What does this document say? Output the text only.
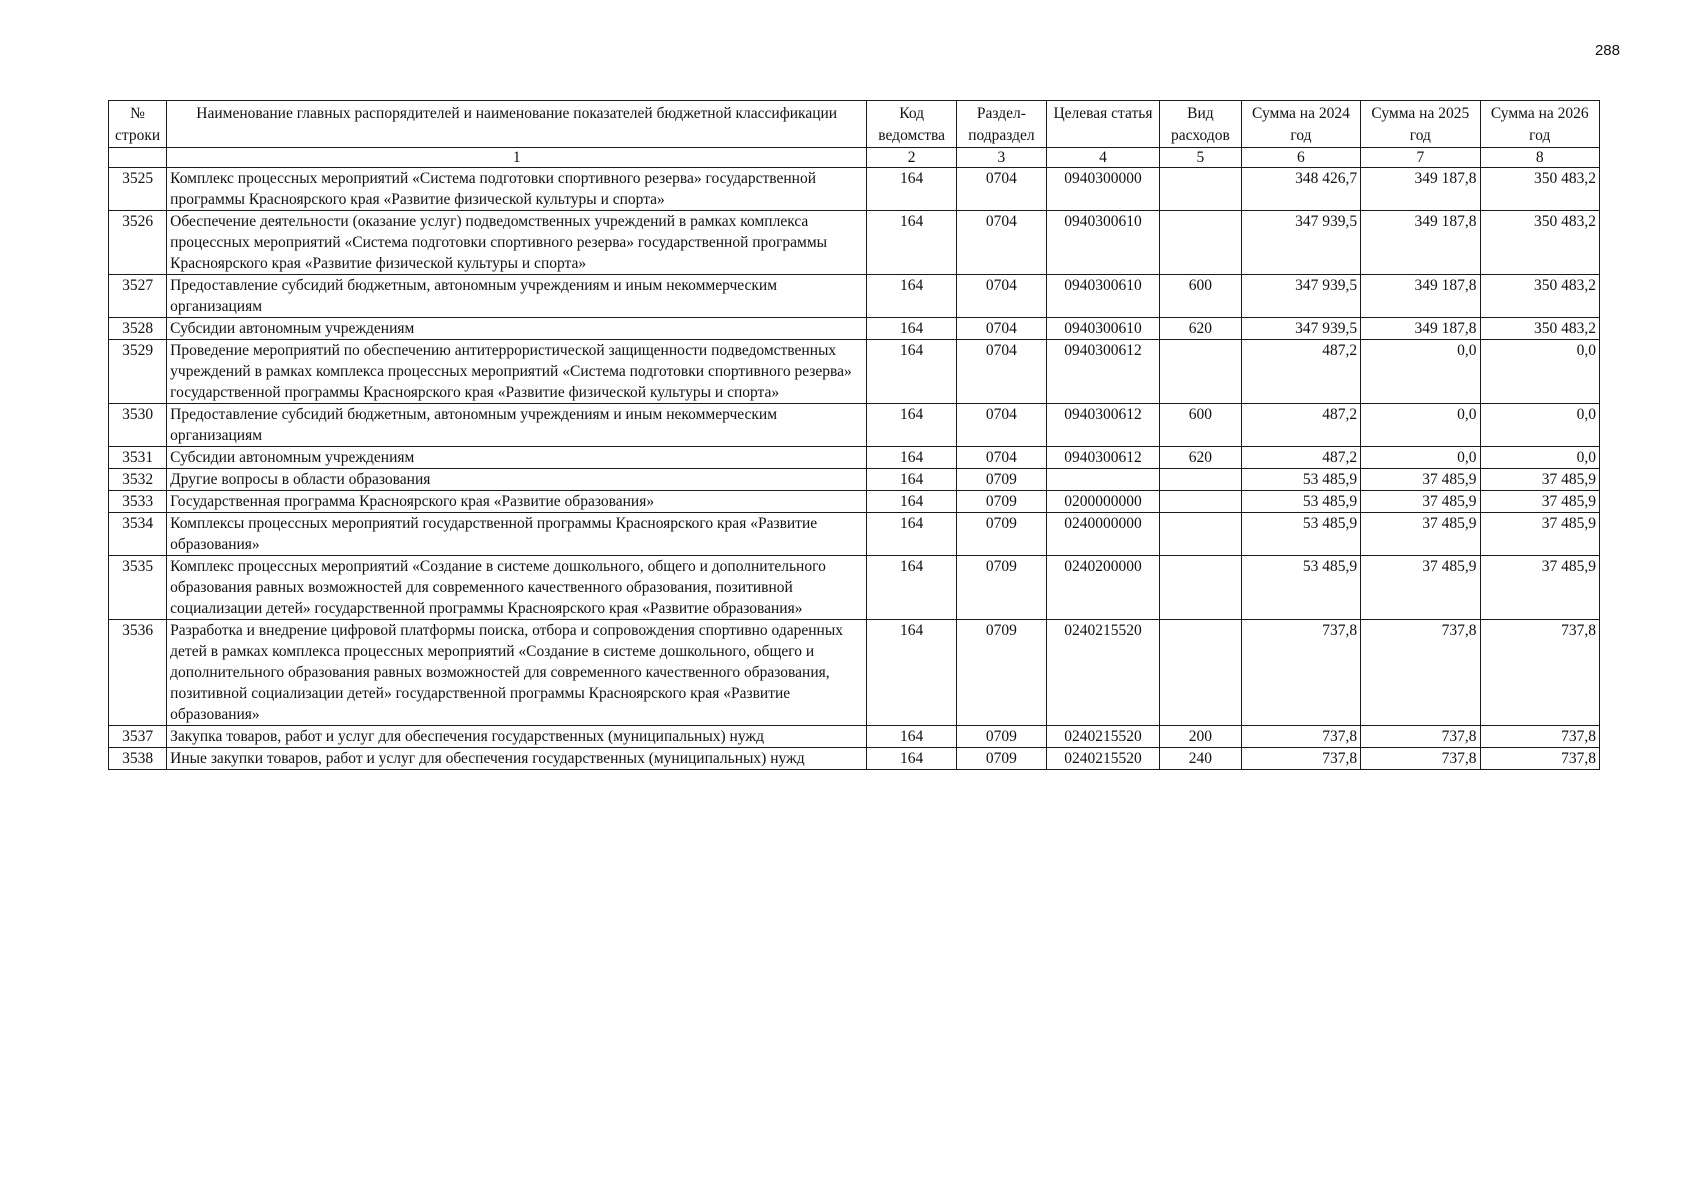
288
№ строки	Наименование главных распорядителей и наименование показателей бюджетной классификации	Код ведомства	Раздел-подраздел	Целевая статья	Вид расходов	Сумма на 2024 год	Сумма на 2025 год	Сумма на 2026 год
	1	2	3	4	5	6	7	8
3525	Комплекс процессных мероприятий «Система подготовки спортивного резерва» государственной программы Красноярского края «Развитие физической культуры и спорта»	164	0704	0940300000		348 426,7	349 187,8	350 483,2
3526	Обеспечение деятельности (оказание услуг) подведомственных учреждений в рамках комплекса процессных мероприятий «Система подготовки спортивного резерва» государственной программы Красноярского края «Развитие физической культуры и спорта»	164	0704	0940300610		347 939,5	349 187,8	350 483,2
3527	Предоставление субсидий бюджетным, автономным учреждениям и иным некоммерческим организациям	164	0704	0940300610	600	347 939,5	349 187,8	350 483,2
3528	Субсидии автономным учреждениям	164	0704	0940300610	620	347 939,5	349 187,8	350 483,2
3529	Проведение мероприятий по обеспечению антитеррористической защищенности подведомственных учреждений в рамках комплекса процессных мероприятий «Система подготовки спортивного резерва» государственной программы Красноярского края «Развитие физической культуры и спорта»	164	0704	0940300612		487,2	0,0	0,0
3530	Предоставление субсидий бюджетным, автономным учреждениям и иным некоммерческим организациям	164	0704	0940300612	600	487,2	0,0	0,0
3531	Субсидии автономным учреждениям	164	0704	0940300612	620	487,2	0,0	0,0
3532	Другие вопросы в области образования	164	0709			53 485,9	37 485,9	37 485,9
3533	Государственная программа Красноярского края «Развитие образования»	164	0709	0200000000		53 485,9	37 485,9	37 485,9
3534	Комплексы процессных мероприятий государственной программы Красноярского края «Развитие образования»	164	0709	0240000000		53 485,9	37 485,9	37 485,9
3535	Комплекс процессных мероприятий «Создание в системе дошкольного, общего и дополнительного образования равных возможностей для современного качественного образования, позитивной социализации детей» государственной программы Красноярского края «Развитие образования»	164	0709	0240200000		53 485,9	37 485,9	37 485,9
3536	Разработка и внедрение цифровой платформы поиска, отбора и сопровождения спортивно одаренных детей в рамках комплекса процессных мероприятий «Создание в системе дошкольного, общего и дополнительного образования равных возможностей для современного качественного образования, позитивной социализации детей» государственной программы Красноярского края «Развитие образования»	164	0709	0240215520		737,8	737,8	737,8
3537	Закупка товаров, работ и услуг для обеспечения государственных (муниципальных) нужд	164	0709	0240215520	200	737,8	737,8	737,8
3538	Иные закупки товаров, работ и услуг для обеспечения государственных (муниципальных) нужд	164	0709	0240215520	240	737,8	737,8	737,8
